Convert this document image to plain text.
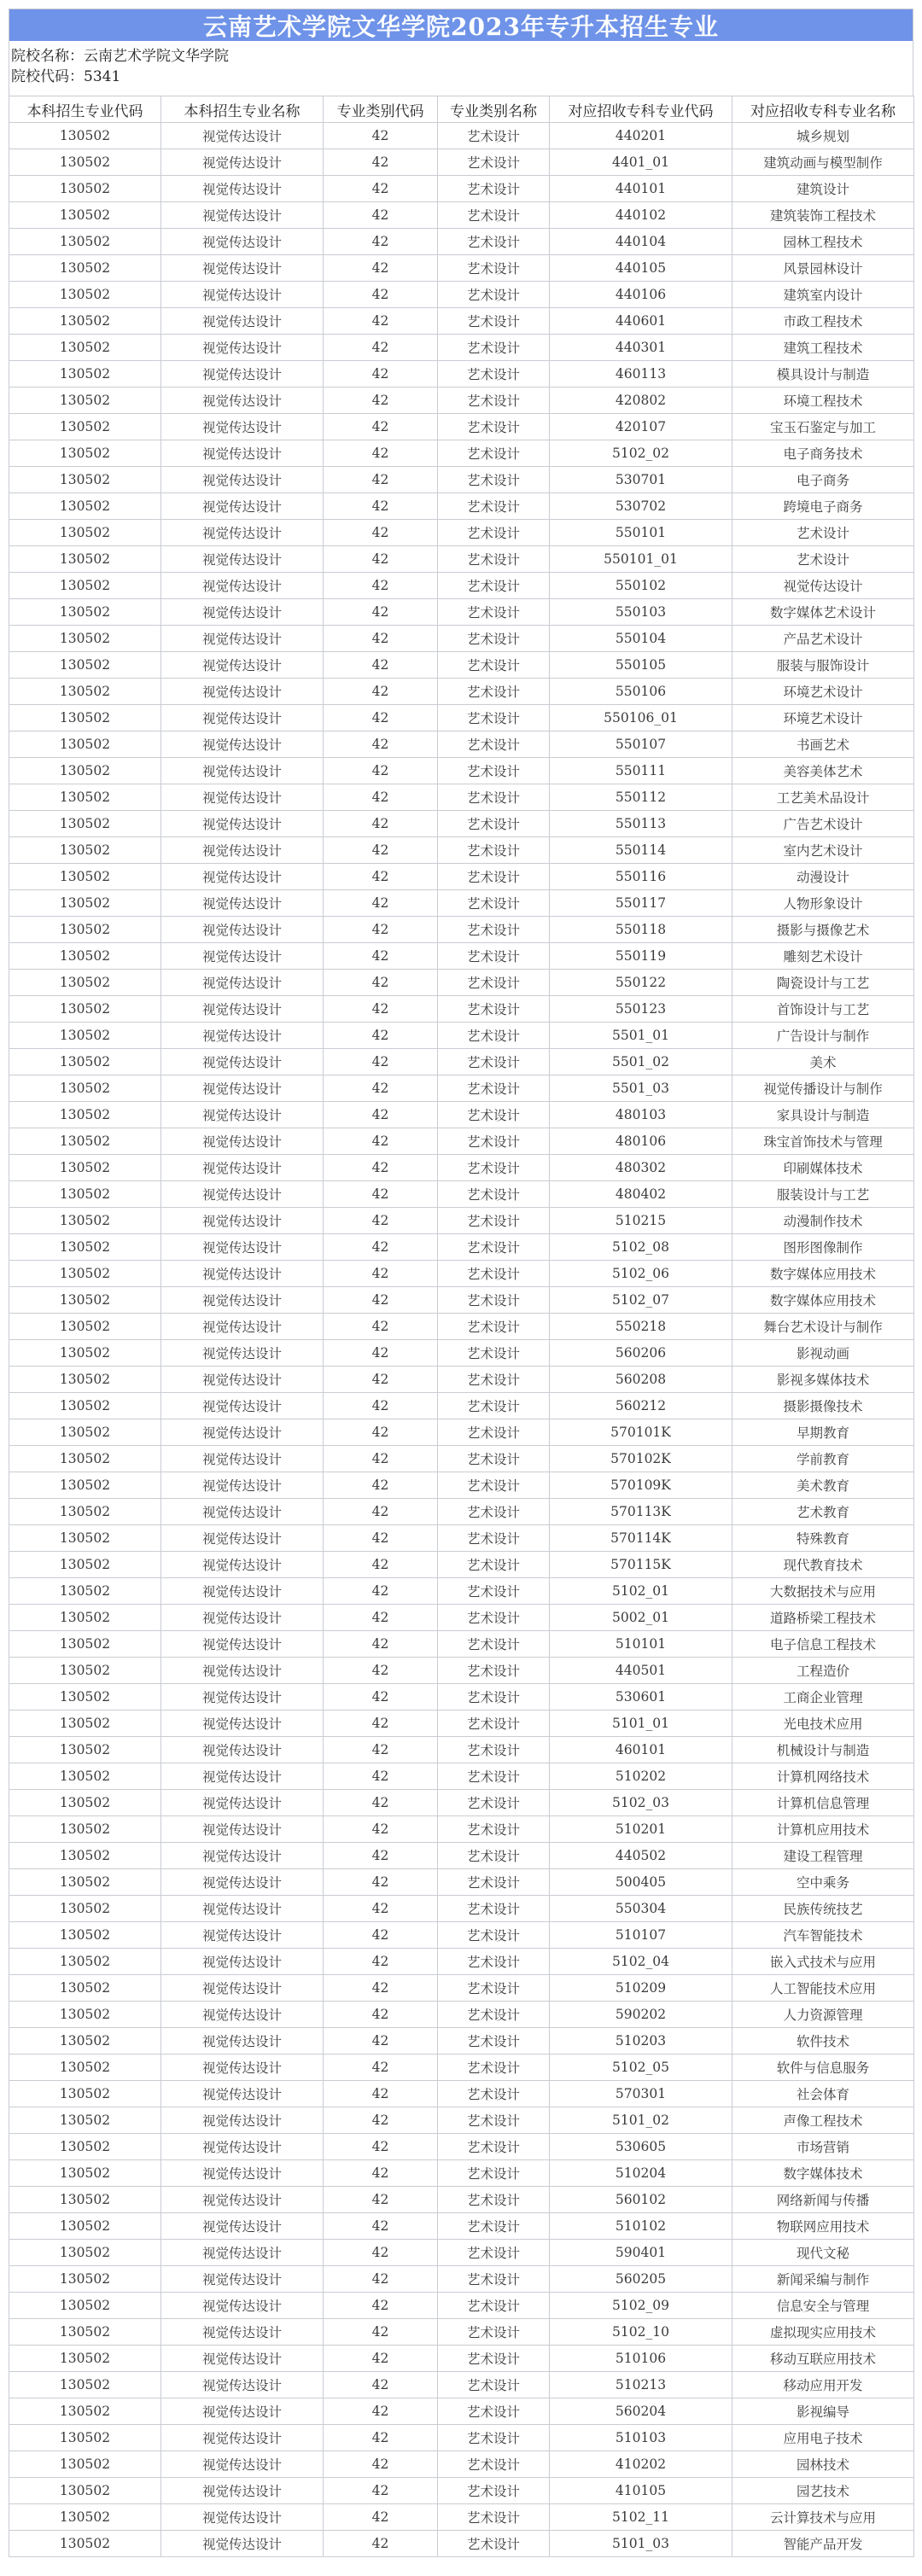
云南艺术学院文华学院2023年专升本招生专业
院校名称：云南艺术学院文华学院
院校代码：5341
本科招生专业代码	本科招生专业名称	专业类别代码	专业类别名称	对应招收专科专业代码	对应招收专科专业名称
130502	视觉传达设计	42	艺术设计	440201	城乡规划
130502	视觉传达设计	42	艺术设计	4401_01	建筑动画与模型制作
130502	视觉传达设计	42	艺术设计	440101	建筑设计
130502	视觉传达设计	42	艺术设计	440102	建筑装饰工程技术
130502	视觉传达设计	42	艺术设计	440104	园林工程技术
130502	视觉传达设计	42	艺术设计	440105	风景园林设计
130502	视觉传达设计	42	艺术设计	440106	建筑室内设计
130502	视觉传达设计	42	艺术设计	440601	市政工程技术
130502	视觉传达设计	42	艺术设计	440301	建筑工程技术
130502	视觉传达设计	42	艺术设计	460113	模具设计与制造
130502	视觉传达设计	42	艺术设计	420802	环境工程技术
130502	视觉传达设计	42	艺术设计	420107	宝玉石鉴定与加工
130502	视觉传达设计	42	艺术设计	5102_02	电子商务技术
130502	视觉传达设计	42	艺术设计	530701	电子商务
130502	视觉传达设计	42	艺术设计	530702	跨境电子商务
130502	视觉传达设计	42	艺术设计	550101	艺术设计
130502	视觉传达设计	42	艺术设计	550101_01	艺术设计
130502	视觉传达设计	42	艺术设计	550102	视觉传达设计
130502	视觉传达设计	42	艺术设计	550103	数字媒体艺术设计
130502	视觉传达设计	42	艺术设计	550104	产品艺术设计
130502	视觉传达设计	42	艺术设计	550105	服装与服饰设计
130502	视觉传达设计	42	艺术设计	550106	环境艺术设计
130502	视觉传达设计	42	艺术设计	550106_01	环境艺术设计
130502	视觉传达设计	42	艺术设计	550107	书画艺术
130502	视觉传达设计	42	艺术设计	550111	美容美体艺术
130502	视觉传达设计	42	艺术设计	550112	工艺美术品设计
130502	视觉传达设计	42	艺术设计	550113	广告艺术设计
130502	视觉传达设计	42	艺术设计	550114	室内艺术设计
130502	视觉传达设计	42	艺术设计	550116	动漫设计
130502	视觉传达设计	42	艺术设计	550117	人物形象设计
130502	视觉传达设计	42	艺术设计	550118	摄影与摄像艺术
130502	视觉传达设计	42	艺术设计	550119	雕刻艺术设计
130502	视觉传达设计	42	艺术设计	550122	陶瓷设计与工艺
130502	视觉传达设计	42	艺术设计	550123	首饰设计与工艺
130502	视觉传达设计	42	艺术设计	5501_01	广告设计与制作
130502	视觉传达设计	42	艺术设计	5501_02	美术
130502	视觉传达设计	42	艺术设计	5501_03	视觉传播设计与制作
130502	视觉传达设计	42	艺术设计	480103	家具设计与制造
130502	视觉传达设计	42	艺术设计	480106	珠宝首饰技术与管理
130502	视觉传达设计	42	艺术设计	480302	印刷媒体技术
130502	视觉传达设计	42	艺术设计	480402	服装设计与工艺
130502	视觉传达设计	42	艺术设计	510215	动漫制作技术
130502	视觉传达设计	42	艺术设计	5102_08	图形图像制作
130502	视觉传达设计	42	艺术设计	5102_06	数字媒体应用技术
130502	视觉传达设计	42	艺术设计	5102_07	数字媒体应用技术
130502	视觉传达设计	42	艺术设计	550218	舞台艺术设计与制作
130502	视觉传达设计	42	艺术设计	560206	影视动画
130502	视觉传达设计	42	艺术设计	560208	影视多媒体技术
130502	视觉传达设计	42	艺术设计	560212	摄影摄像技术
130502	视觉传达设计	42	艺术设计	570101K	早期教育
130502	视觉传达设计	42	艺术设计	570102K	学前教育
130502	视觉传达设计	42	艺术设计	570109K	美术教育
130502	视觉传达设计	42	艺术设计	570113K	艺术教育
130502	视觉传达设计	42	艺术设计	570114K	特殊教育
130502	视觉传达设计	42	艺术设计	570115K	现代教育技术
130502	视觉传达设计	42	艺术设计	5102_01	大数据技术与应用
130502	视觉传达设计	42	艺术设计	5002_01	道路桥梁工程技术
130502	视觉传达设计	42	艺术设计	510101	电子信息工程技术
130502	视觉传达设计	42	艺术设计	440501	工程造价
130502	视觉传达设计	42	艺术设计	530601	工商企业管理
130502	视觉传达设计	42	艺术设计	5101_01	光电技术应用
130502	视觉传达设计	42	艺术设计	460101	机械设计与制造
130502	视觉传达设计	42	艺术设计	510202	计算机网络技术
130502	视觉传达设计	42	艺术设计	5102_03	计算机信息管理
130502	视觉传达设计	42	艺术设计	510201	计算机应用技术
130502	视觉传达设计	42	艺术设计	440502	建设工程管理
130502	视觉传达设计	42	艺术设计	500405	空中乘务
130502	视觉传达设计	42	艺术设计	550304	民族传统技艺
130502	视觉传达设计	42	艺术设计	510107	汽车智能技术
130502	视觉传达设计	42	艺术设计	5102_04	嵌入式技术与应用
130502	视觉传达设计	42	艺术设计	510209	人工智能技术应用
130502	视觉传达设计	42	艺术设计	590202	人力资源管理
130502	视觉传达设计	42	艺术设计	510203	软件技术
130502	视觉传达设计	42	艺术设计	5102_05	软件与信息服务
130502	视觉传达设计	42	艺术设计	570301	社会体育
130502	视觉传达设计	42	艺术设计	5101_02	声像工程技术
130502	视觉传达设计	42	艺术设计	530605	市场营销
130502	视觉传达设计	42	艺术设计	510204	数字媒体技术
130502	视觉传达设计	42	艺术设计	560102	网络新闻与传播
130502	视觉传达设计	42	艺术设计	510102	物联网应用技术
130502	视觉传达设计	42	艺术设计	590401	现代文秘
130502	视觉传达设计	42	艺术设计	560205	新闻采编与制作
130502	视觉传达设计	42	艺术设计	5102_09	信息安全与管理
130502	视觉传达设计	42	艺术设计	5102_10	虚拟现实应用技术
130502	视觉传达设计	42	艺术设计	510106	移动互联应用技术
130502	视觉传达设计	42	艺术设计	510213	移动应用开发
130502	视觉传达设计	42	艺术设计	560204	影视编导
130502	视觉传达设计	42	艺术设计	510103	应用电子技术
130502	视觉传达设计	42	艺术设计	410202	园林技术
130502	视觉传达设计	42	艺术设计	410105	园艺技术
130502	视觉传达设计	42	艺术设计	5102_11	云计算技术与应用
130502	视觉传达设计	42	艺术设计	5101_03	智能产品开发
